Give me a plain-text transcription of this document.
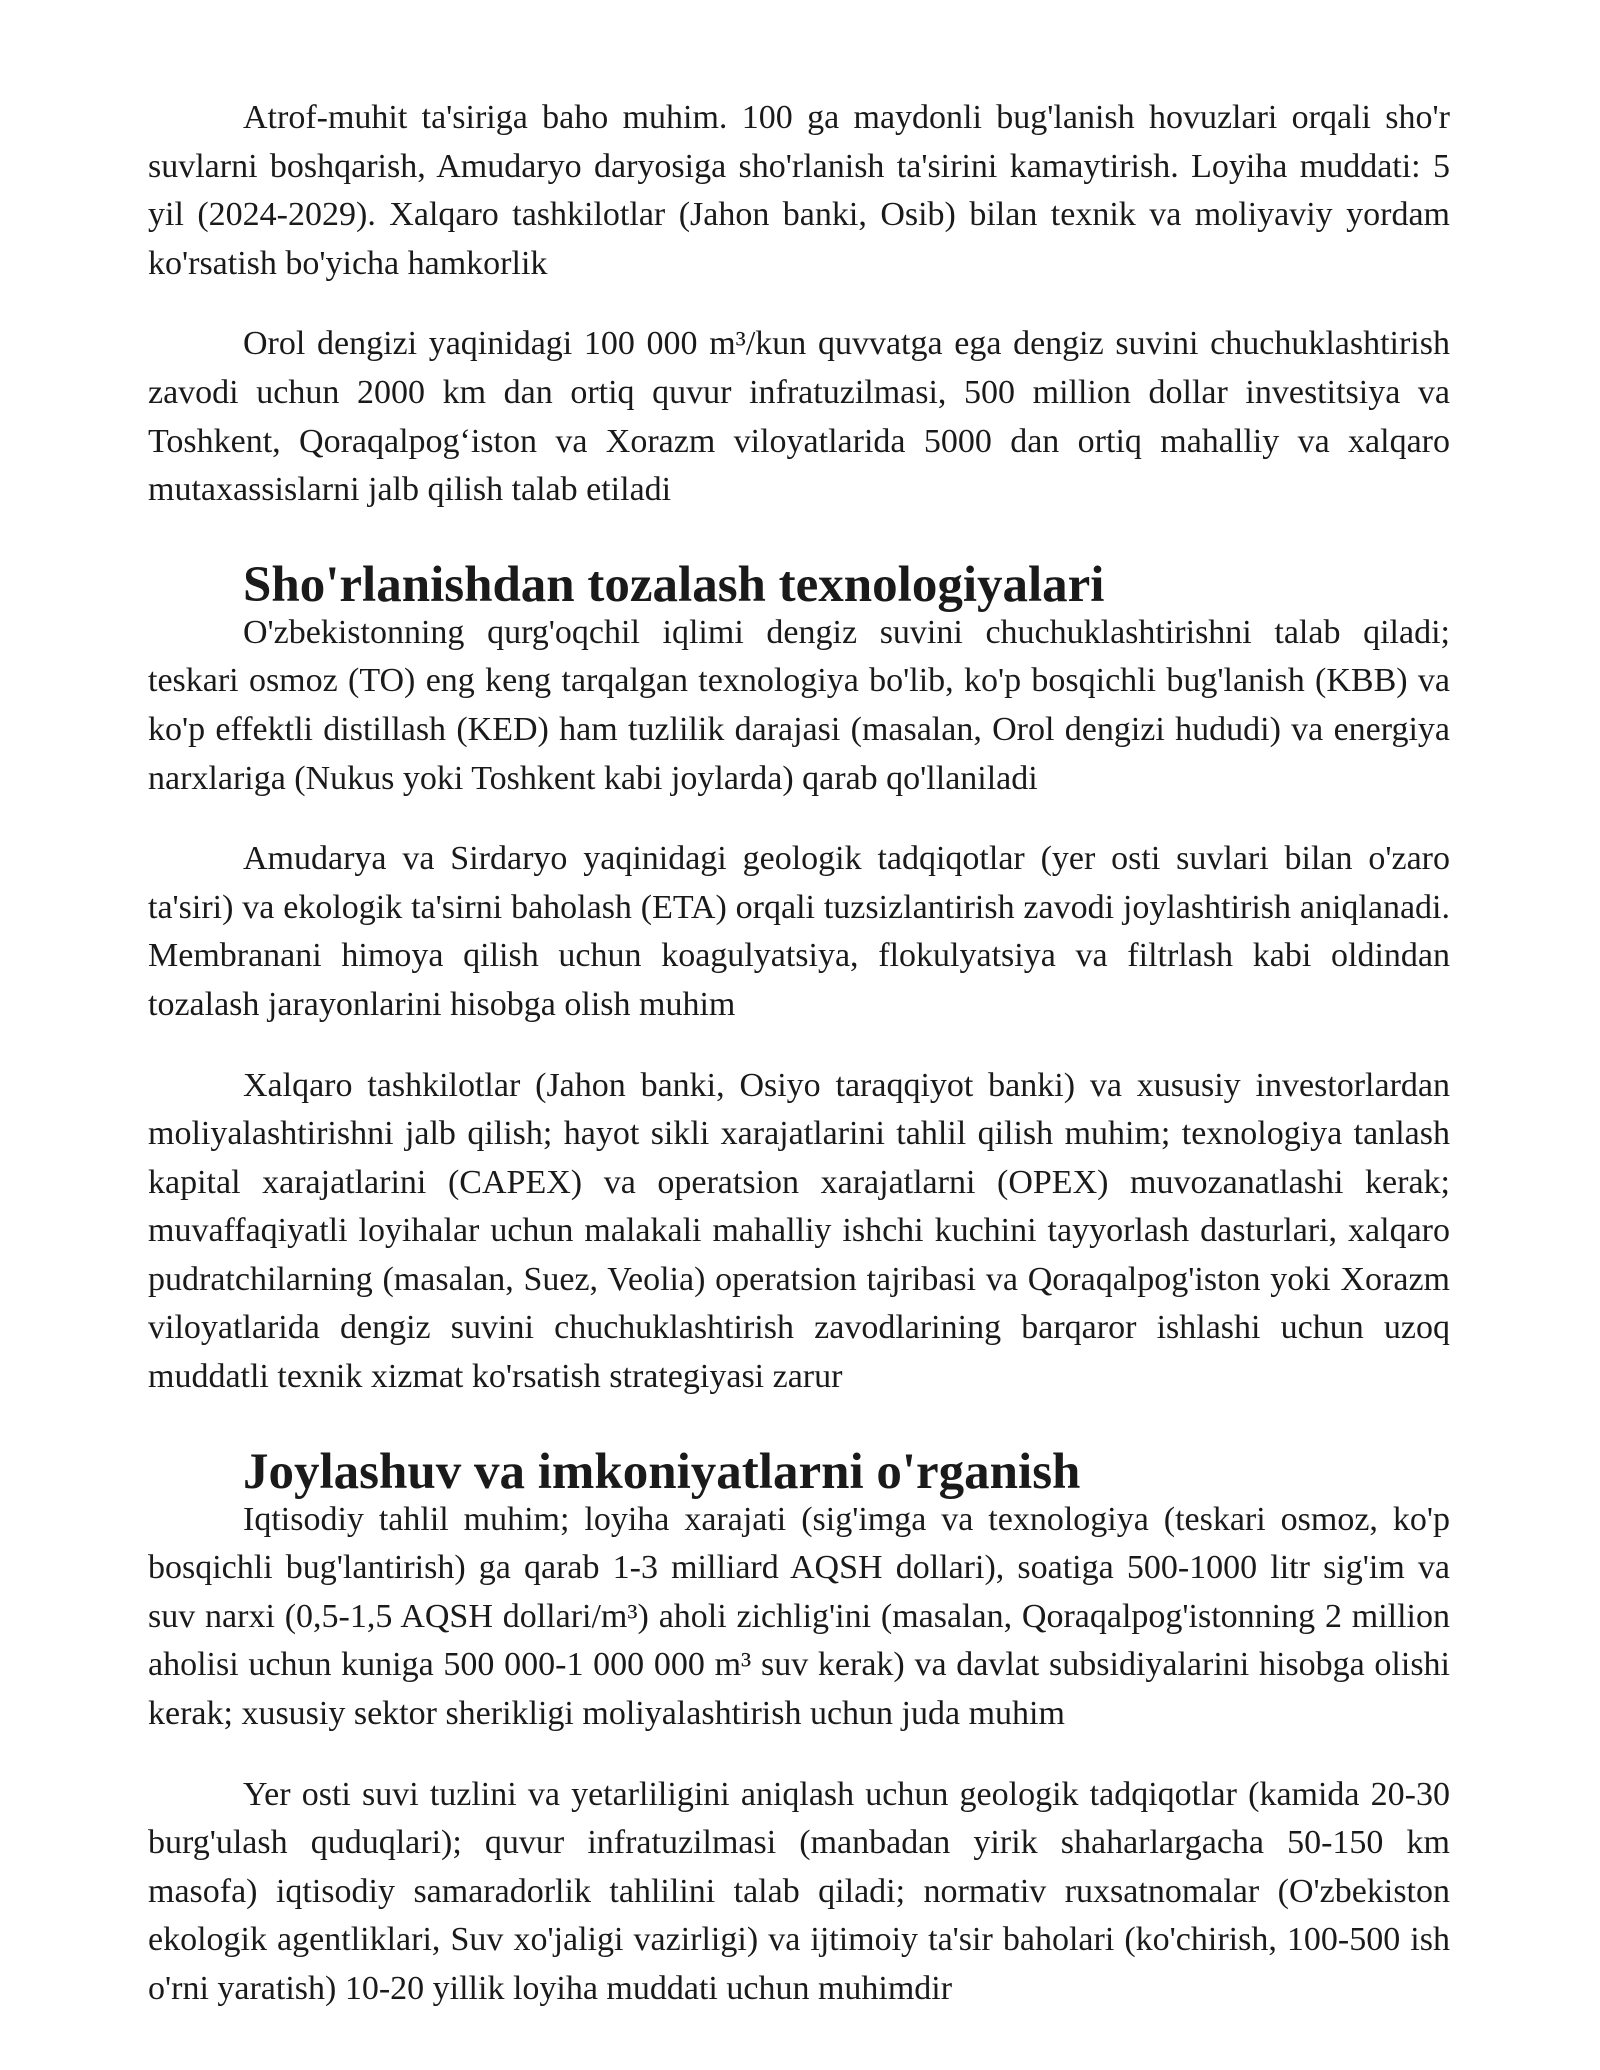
Atrof-muhit ta'siriga baho muhim. 100 ga maydonli bug'lanish hovuzlari orqali sho'r suvlarni boshqarish, Amudaryo daryosiga sho'rlanish ta'sirini kamaytirish. Loyiha muddati: 5 yil (2024-2029). Xalqaro tashkilotlar (Jahon banki, Osib) bilan texnik va moliyaviy yordam ko'rsatish bo'yicha hamkorlik

Orol dengizi yaqinidagi 100 000 m³/kun quvvatga ega dengiz suvini chuchuklashtirish zavodi uchun 2000 km dan ortiq quvur infratuzilmasi, 500 million dollar investitsiya va Toshkent, Qoraqalpog‘iston va Xorazm viloyatlarida 5000 dan ortiq mahalliy va xalqaro mutaxassislarni jalb qilish talab etiladi

Sho'rlanishdan tozalash texnologiyalari

O'zbekistonning qurg'oqchil iqlimi dengiz suvini chuchuklashtirishni talab qiladi; teskari osmoz (TO) eng keng tarqalgan texnologiya bo'lib, ko'p bosqichli bug'lanish (KBB) va ko'p effektli distillash (KED) ham tuzlilik darajasi (masalan, Orol dengizi hududi) va energiya narxlariga (Nukus yoki Toshkent kabi joylarda) qarab qo'llaniladi

Amudarya va Sirdaryo yaqinidagi geologik tadqiqotlar (yer osti suvlari bilan o'zaro ta'siri) va ekologik ta'sirni baholash (ETA) orqali tuzsizlantirish zavodi joylashtirish aniqlanadi. Membranani himoya qilish uchun koagulyatsiya, flokulyatsiya va filtrlash kabi oldindan tozalash jarayonlarini hisobga olish muhim

Xalqaro tashkilotlar (Jahon banki, Osiyo taraqqiyot banki) va xususiy investorlardan moliyalashtirishni jalb qilish; hayot sikli xarajatlarini tahlil qilish muhim; texnologiya tanlash kapital xarajatlarini (CAPEX) va operatsion xarajatlarni (OPEX) muvozanatlashi kerak; muvaffaqiyatli loyihalar uchun malakali mahalliy ishchi kuchini tayyorlash dasturlari, xalqaro pudratchilarning (masalan, Suez, Veolia) operatsion tajribasi va Qoraqalpog'iston yoki Xorazm viloyatlarida dengiz suvini chuchuklashtirish zavodlarining barqaror ishlashi uchun uzoq muddatli texnik xizmat ko'rsatish strategiyasi zarur

Joylashuv va imkoniyatlarni o'rganish

Iqtisodiy tahlil muhim; loyiha xarajati (sig'imga va texnologiya (teskari osmoz, ko'p bosqichli bug'lantirish) ga qarab 1-3 milliard AQSH dollari), soatiga 500-1000 litr sig'im va suv narxi (0,5-1,5 AQSH dollari/m³) aholi zichlig'ini (masalan, Qoraqalpog'istonning 2 million aholisi uchun kuniga 500 000-1 000 000 m³ suv kerak) va davlat subsidiyalarini hisobga olishi kerak; xususiy sektor sherikligi moliyalashtirish uchun juda muhim

Yer osti suvi tuzlini va yetarliligini aniqlash uchun geologik tadqiqotlar (kamida 20-30 burg'ulash quduqlari); quvur infratuzilmasi (manbadan yirik shaharlargacha 50-150 km masofa) iqtisodiy samaradorlik tahlilini talab qiladi; normativ ruxsatnomalar (O'zbekiston ekologik agentliklari, Suv xo'jaligi vazirligi) va ijtimoiy ta'sir baholari (ko'chirish, 100-500 ish o'rni yaratish) 10-20 yillik loyiha muddati uchun muhimdir
